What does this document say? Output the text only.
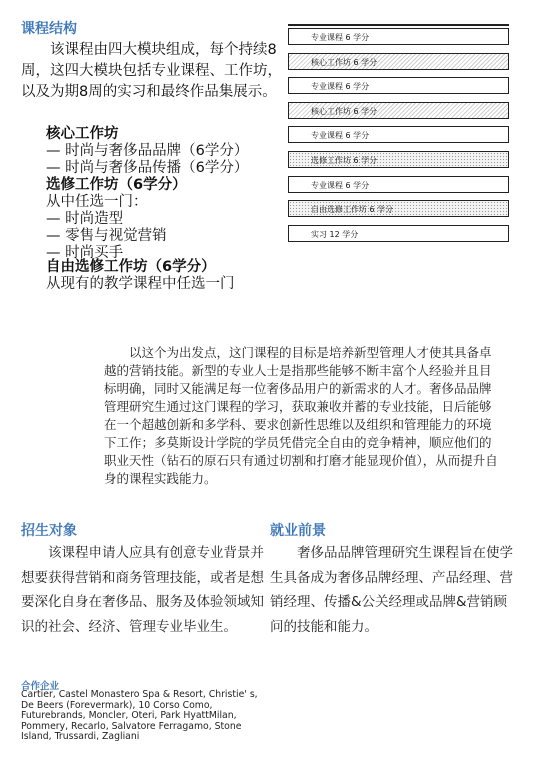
课程结构
该课程由四大模块组成，每个持续8周，这四大模块包括专业课程、工作坊，以及为期8周的实习和最终作品集展示。
核心工作坊
— 时尚与奢侈品品牌（6学分）
— 时尚与奢侈品传播（6学分）
选修工作坊（6学分）
从中任选一门：
— 时尚造型
— 零售与视觉营销
— 时尚买手
自由选修工作坊（6学分）
从现有的教学课程中任选一门
专业课程 6 学分
核心工作坊 6 学分
专业课程 6 学分
核心工作坊 6 学分
专业课程 6 学分
选修工作坊 6 学分
专业课程 6 学分
自由选修工作坊 6 学分
实习 12 学分
以这个为出发点，这门课程的目标是培养新型管理人才使其具备卓越的营销技能。新型的专业人士是指那些能够不断丰富个人经验并且目标明确，同时又能满足每一位奢侈品用户的新需求的人才。奢侈品品牌管理研究生通过这门课程的学习，获取兼收并蓄的专业技能，日后能够在一个超越创新和多学科、要求创新性思维以及组织和管理能力的环境下工作；多莫斯设计学院的学员凭借完全自由的竞争精神，顺应他们的职业天性（钻石的原石只有通过切割和打磨才能显现价值），从而提升自身的课程实践能力。
招生对象
该课程申请人应具有创意专业背景并想要获得营销和商务管理技能，或者是想要深化自身在奢侈品、服务及体验领域知识的社会、经济、管理专业毕业生。
就业前景
奢侈品品牌管理研究生课程旨在使学生具备成为奢侈品牌经理、产品经理、营销经理、传播&公关经理或品牌&营销顾问的技能和能力。
合作企业
Cartier, Castel Monastero Spa & Resort, Christie' s, De Beers (Forevermark), 10 Corso Como, Futurebrands, Moncler, Oteri, Park HyattMilan, Pommery, Recarlo, Salvatore Ferragamo, Stone Island, Trussardi, Zagliani
